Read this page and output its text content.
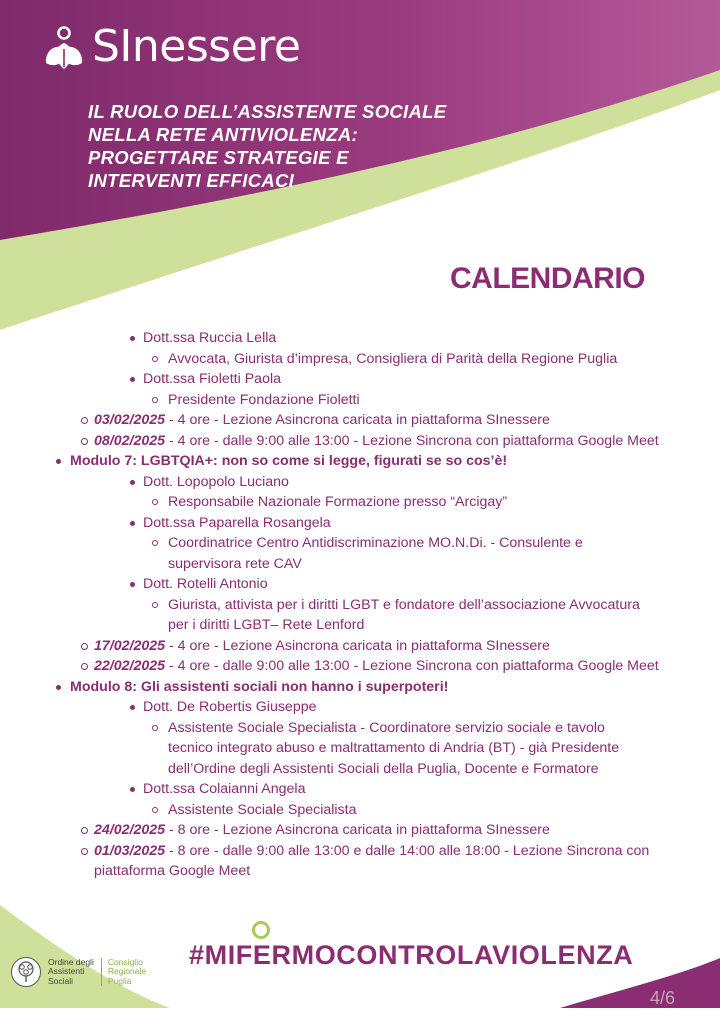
SInessere
IL RUOLO DELL’ASSISTENTE SOCIALE
NELLA RETE ANTIVIOLENZA:
PROGETTARE STRATEGIE E
INTERVENTI EFFICACI
CALENDARIO
Dott.ssa Ruccia Lella
Avvocata, Giurista d’impresa, Consigliera di Parità della Regione Puglia
Dott.ssa Fioletti Paola
Presidente Fondazione Fioletti
03/02/2025 - 4 ore - Lezione Asincrona caricata in piattaforma SInessere
08/02/2025 - 4 ore - dalle 9:00 alle 13:00 - Lezione Sincrona con piattaforma Google Meet
Modulo 7: LGBTQIA+: non so come si legge, figurati se so cos’è!
Dott. Lopopolo Luciano
Responsabile Nazionale Formazione presso “Arcigay”
Dott.ssa Paparella Rosangela
Coordinatrice Centro Antidiscriminazione MO.N.Di. - Consulente e supervisora rete CAV
Dott. Rotelli Antonio
Giurista, attivista per i diritti LGBT e fondatore dell’associazione Avvocatura per i diritti LGBT– Rete Lenford
17/02/2025 - 4 ore - Lezione Asincrona caricata in piattaforma SInessere
22/02/2025 - 4 ore - dalle 9:00 alle 13:00 - Lezione Sincrona con piattaforma Google Meet
Modulo 8: Gli assistenti sociali non hanno i superpoteri!
Dott. De Robertis Giuseppe
Assistente Sociale Specialista - Coordinatore servizio sociale e tavolo tecnico integrato abuso e maltrattamento di Andria (BT) - già Presidente dell’Ordine degli Assistenti Sociali della Puglia, Docente e Formatore
Dott.ssa Colaianni Angela
Assistente Sociale Specialista
24/02/2025 - 8 ore - Lezione Asincrona caricata in piattaforma SInessere
01/03/2025 - 8 ore - dalle 9:00 alle 13:00 e dalle 14:00 alle 18:00 - Lezione Sincrona con piattaforma Google Meet
#MIFERMOCONTROLAVIOLENZA
Ordine degli
Assistenti
Sociali
Consiglio
Regionale
Puglia
4/6
